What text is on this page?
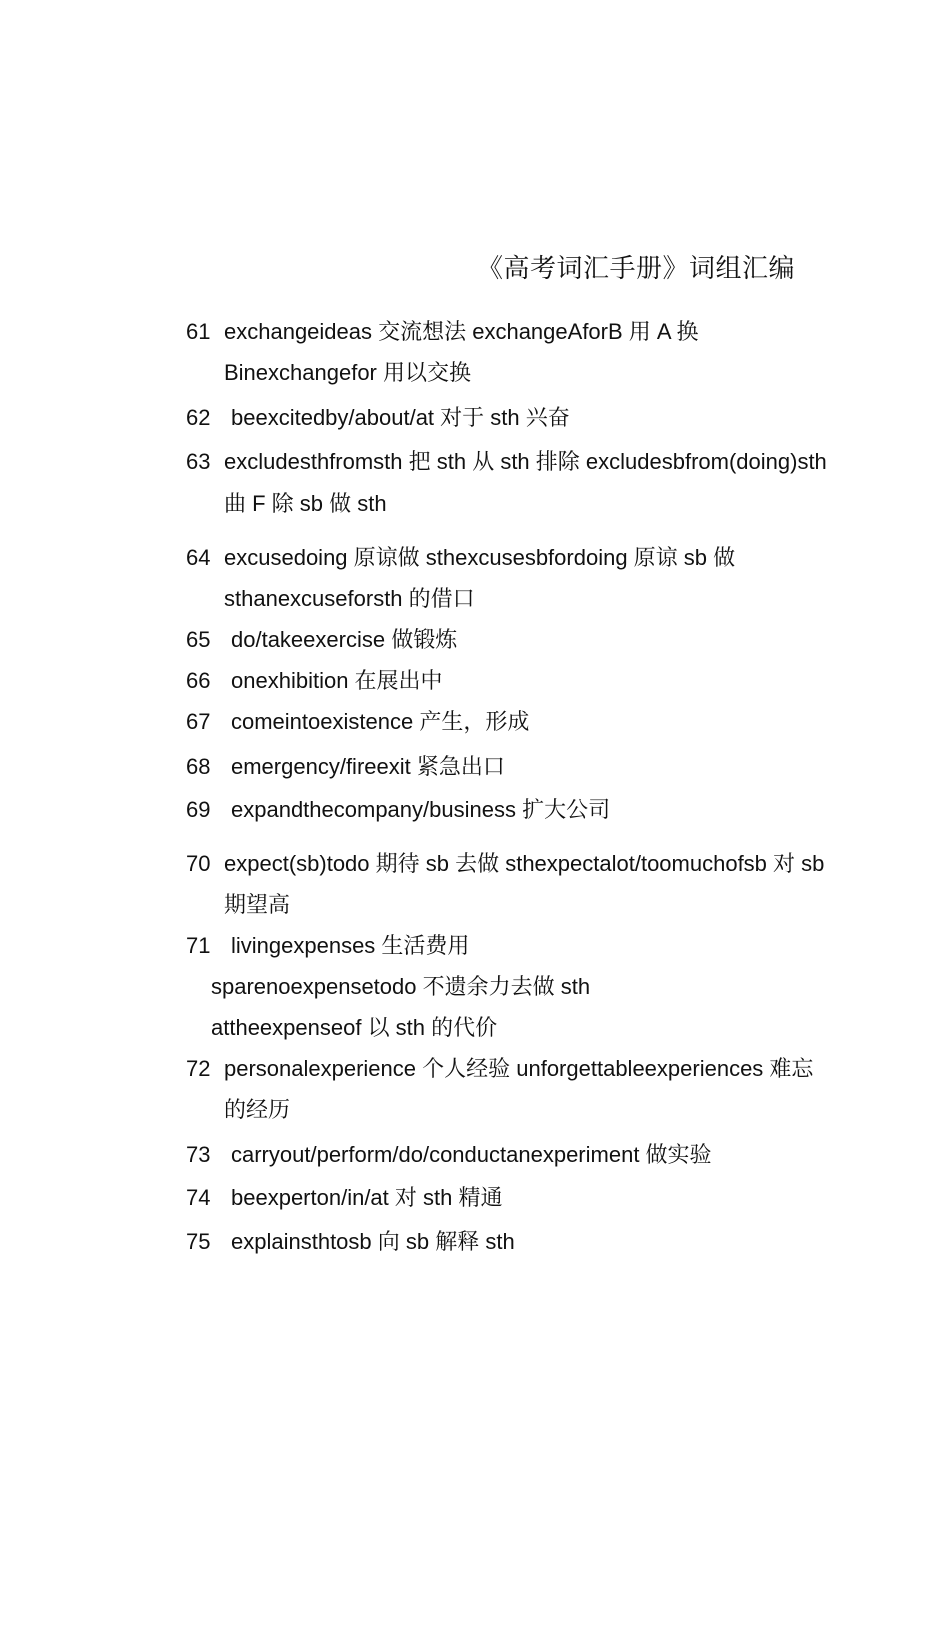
《高考词汇手册》词组汇编
61 exchangeideas 交流想法 exchangeAforB 用 A 换
Binexchangefor 用以交换
62 beexcitedby/about/at 对于 sth 兴奋
63 excludesthfromsth 把 sth 从 sth 排除 excludesbfrom(doing)sth
曲 F 除 sb 做 sth
64 excusedoing 原谅做 sthexcusesbfordoing 原谅 sb 做
sthanexcuseforsth 的借口
65 do/takeexercise 做锻炼
66 onexhibition 在展出中
67 comeintoexistence 产生，形成
68 emergency/fireexit 紧急出口
69 expandthecompany/business 扩大公司
70 expect(sb)todo 期待 sb 去做 sthexpectalot/toomuchofsb 对 sb
期望高
71 livingexpenses 生活费用
sparenoexpensetodo 不遗余力去做 sth
attheexpenseof 以 sth 的代价
72 personalexperience 个人经验 unforgettableexperiences 难忘
的经历
73 carryout/perform/do/conductanexperiment 做实验
74 beexperton/in/at 对 sth 精通
75 explainsthtosb 向 sb 解释 sth
